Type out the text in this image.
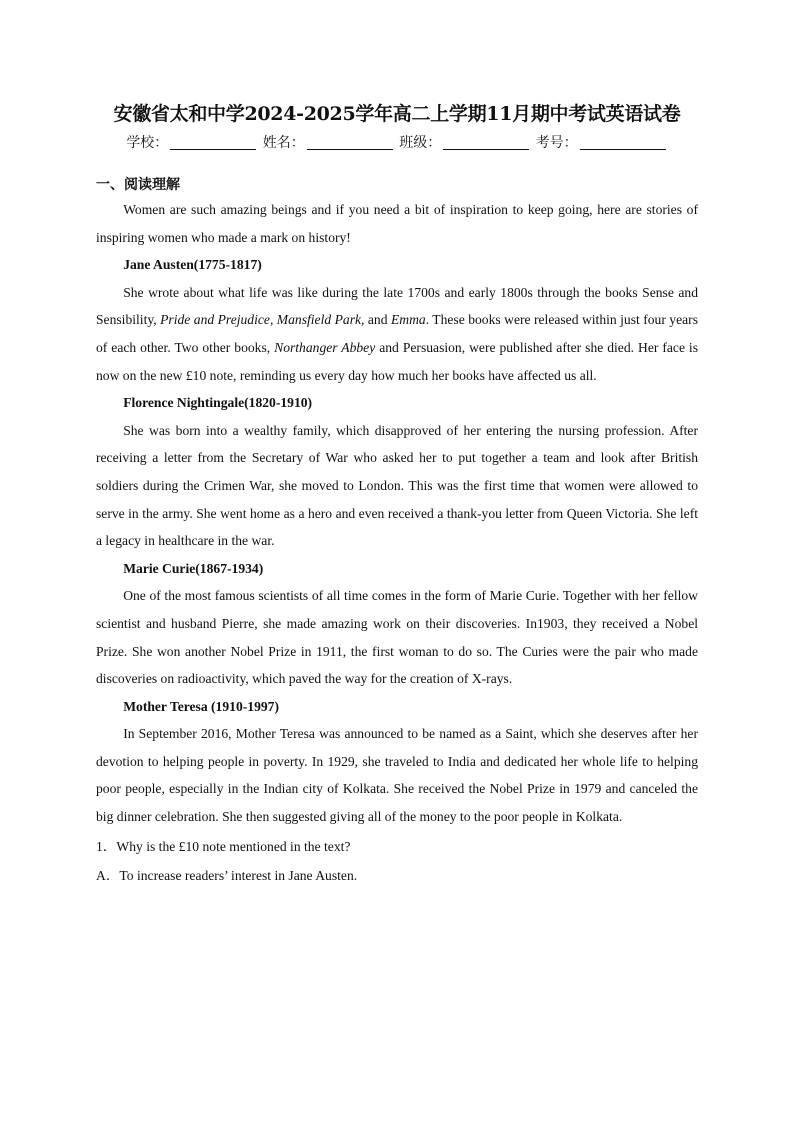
安徽省太和中学2024-2025学年高二上学期11月期中考试英语试卷
学校：	姓名：	班级：	考号：
一、阅读理解

Women are such amazing beings and if you need a bit of inspiration to keep going, here are stories of inspiring women who made a mark on history!

Jane Austen(1775-1817)

She wrote about what life was like during the late 1700s and early 1800s through the books Sense and Sensibility, Pride and Prejudice, Mansfield Park, and Emma. These books were released within just four years of each other. Two other books, Northanger Abbey and Persuasion, were published after she died. Her face is now on the new £10 note, reminding us every day how much her books have affected us all.

Florence Nightingale(1820-1910)

She was born into a wealthy family, which disapproved of her entering the nursing profession. After receiving a letter from the Secretary of War who asked her to put together a team and look after British soldiers during the Crimen War, she moved to London. This was the first time that women were allowed to serve in the army. She went home as a hero and even received a thank-you letter from Queen Victoria. She left a legacy in healthcare in the war.

Marie Curie(1867-1934)

One of the most famous scientists of all time comes in the form of Marie Curie. Together with her fellow scientist and husband Pierre, she made amazing work on their discoveries. In1903, they received a Nobel Prize. She won another Nobel Prize in 1911, the first woman to do so. The Curies were the pair who made discoveries on radioactivity, which paved the way for the creation of X-rays.

Mother Teresa (1910-1997)

In September 2016, Mother Teresa was announced to be named as a Saint, which she deserves after her devotion to helping people in poverty. In 1929, she traveled to India and dedicated her whole life to helping poor people, especially in the Indian city of Kolkata. She received the Nobel Prize in 1979 and canceled the big dinner celebration. She then suggested giving all of the money to the poor people in Kolkata.

1．Why is the £10 note mentioned in the text?
A．To increase readers’ interest in Jane Austen.
